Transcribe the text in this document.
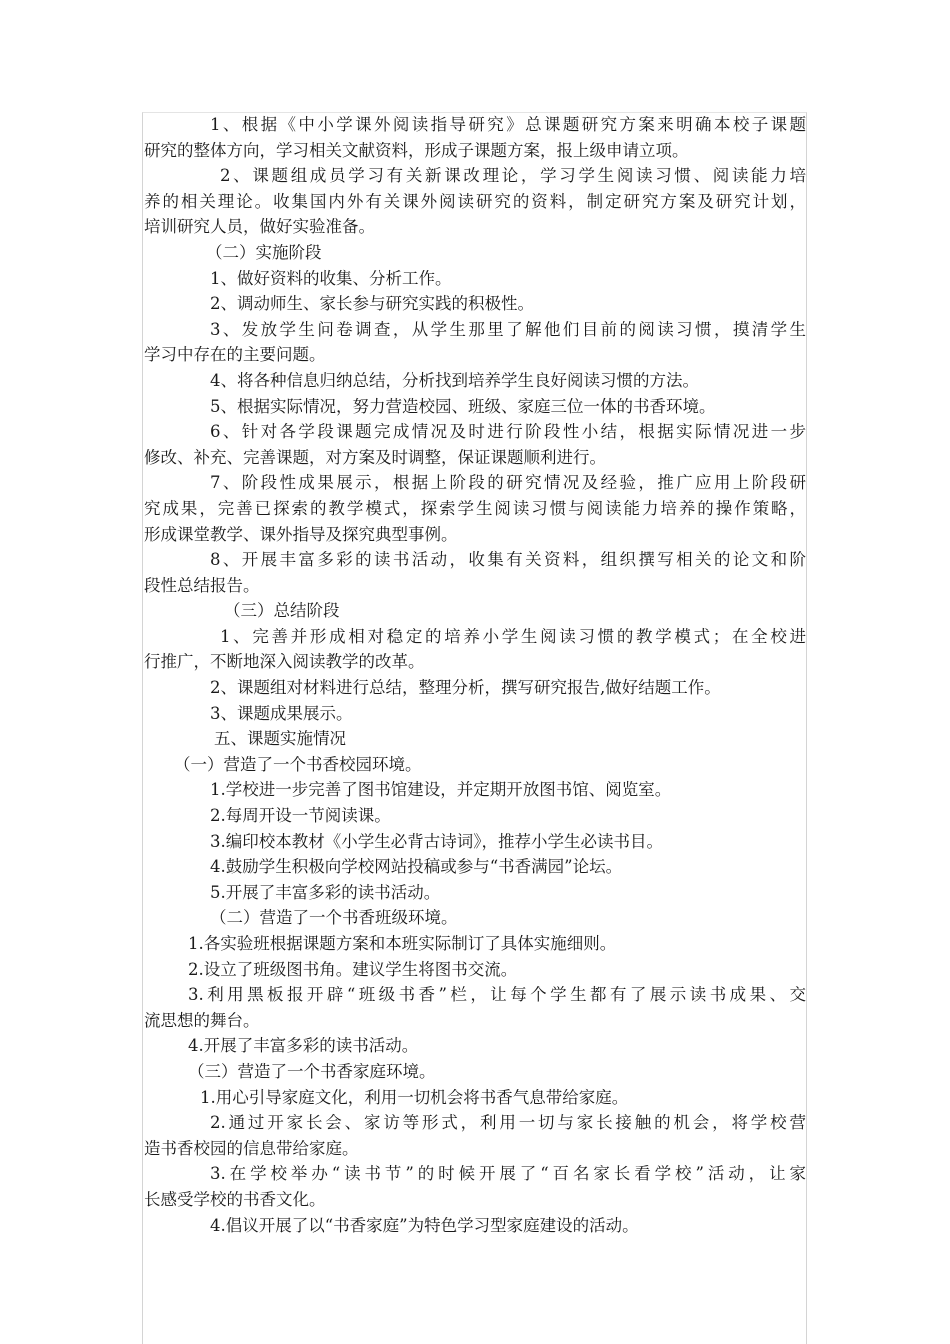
1、根据《中小学课外阅读指导研究》总课题研究方案来明确本校子课题
研究的整体方向，学习相关文献资料，形成子课题方案，报上级申请立项。
2、课题组成员学习有关新课改理论，学习学生阅读习惯、阅读能力培
养的相关理论。收集国内外有关课外阅读研究的资料，制定研究方案及研究计划，
培训研究人员，做好实验准备。
（二）实施阶段
1、做好资料的收集、分析工作。
2、调动师生、家长参与研究实践的积极性。
3、发放学生问卷调查，从学生那里了解他们目前的阅读习惯，摸清学生
学习中存在的主要问题。
4、将各种信息归纳总结，分析找到培养学生良好阅读习惯的方法。
5、根据实际情况，努力营造校园、班级、家庭三位一体的书香环境。
6、针对各学段课题完成情况及时进行阶段性小结，根据实际情况进一步
修改、补充、完善课题，对方案及时调整，保证课题顺利进行。
7、阶段性成果展示，根据上阶段的研究情况及经验，推广应用上阶段研
究成果，完善已探索的教学模式，探索学生阅读习惯与阅读能力培养的操作策略，
形成课堂教学、课外指导及探究典型事例。
8、开展丰富多彩的读书活动，收集有关资料，组织撰写相关的论文和阶
段性总结报告。
（三）总结阶段
1、完善并形成相对稳定的培养小学生阅读习惯的教学模式；在全校进
行推广，不断地深入阅读教学的改革。
2、课题组对材料进行总结，整理分析，撰写研究报告,做好结题工作。
3、课题成果展示。
五、课题实施情况
（一）营造了一个书香校园环境。
1.学校进一步完善了图书馆建设，并定期开放图书馆、阅览室。
2.每周开设一节阅读课。
3.编印校本教材《小学生必背古诗词》，推荐小学生必读书目。
4.鼓励学生积极向学校网站投稿或参与“书香满园”论坛。
5.开展了丰富多彩的读书活动。
（二）营造了一个书香班级环境。
1.各实验班根据课题方案和本班实际制订了具体实施细则。
2.设立了班级图书角。建议学生将图书交流。
3.利用黑板报开辟“班级书香”栏，让每个学生都有了展示读书成果、交
流思想的舞台。
4.开展了丰富多彩的读书活动。
（三）营造了一个书香家庭环境。
1.用心引导家庭文化，利用一切机会将书香气息带给家庭。
2.通过开家长会、家访等形式，利用一切与家长接触的机会，将学校营
造书香校园的信息带给家庭。
3.在学校举办“读书节”的时候开展了“百名家长看学校”活动，让家
长感受学校的书香文化。
4.倡议开展了以“书香家庭”为特色学习型家庭建设的活动。
